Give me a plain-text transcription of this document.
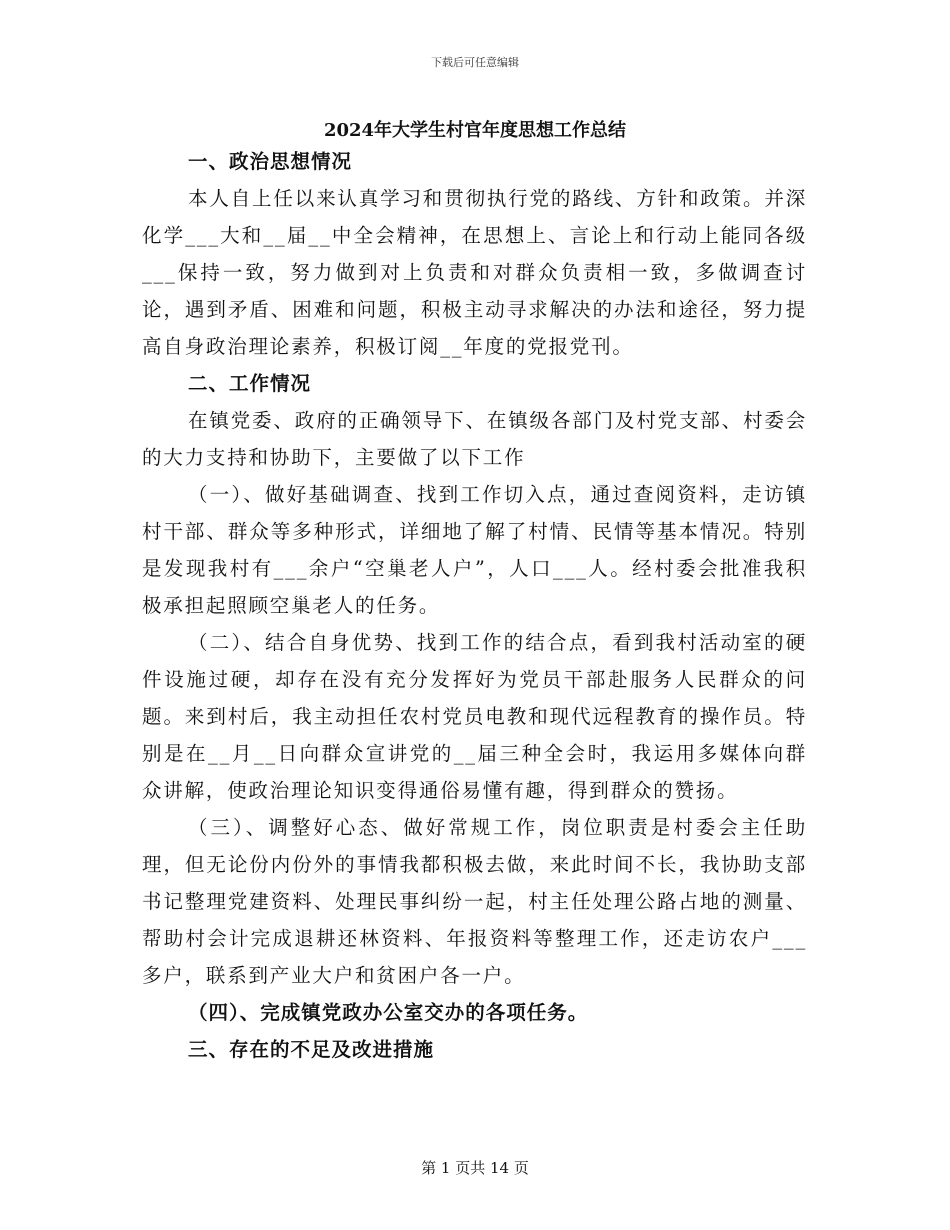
下载后可任意编辑
2024年大学生村官年度思想工作总结
一、政治思想情况

本人自上任以来认真学习和贯彻执行党的路线、方针和政策。并深化学___大和__届__中全会精神，在思想上、言论上和行动上能同各级___保持一致，努力做到对上负责和对群众负责相一致，多做调查讨论，遇到矛盾、困难和问题，积极主动寻求解决的办法和途径，努力提高自身政治理论素养，积极订阅__年度的党报党刊。

二、工作情况

在镇党委、政府的正确领导下、在镇级各部门及村党支部、村委会的大力支持和协助下，主要做了以下工作

（一）、做好基础调查、找到工作切入点，通过查阅资料，走访镇村干部、群众等多种形式，详细地了解了村情、民情等基本情况。特别是发现我村有___余户“空巢老人户”，人口___人。经村委会批准我积极承担起照顾空巢老人的任务。

（二）、结合自身优势、找到工作的结合点，看到我村活动室的硬件设施过硬，却存在没有充分发挥好为党员干部赴服务人民群众的问题。来到村后，我主动担任农村党员电教和现代远程教育的操作员。特别是在__月__日向群众宣讲党的__届三种全会时，我运用多媒体向群众讲解，使政治理论知识变得通俗易懂有趣，得到群众的赞扬。

（三）、调整好心态、做好常规工作，岗位职责是村委会主任助理，但无论份内份外的事情我都积极去做，来此时间不长，我协助支部书记整理党建资料、处理民事纠纷一起，村主任处理公路占地的测量、帮助村会计完成退耕还林资料、年报资料等整理工作，还走访农户___多户，联系到产业大户和贫困户各一户。

（四）、完成镇党政办公室交办的各项任务。
三、存在的不足及改进措施
第 1 页共 14 页
